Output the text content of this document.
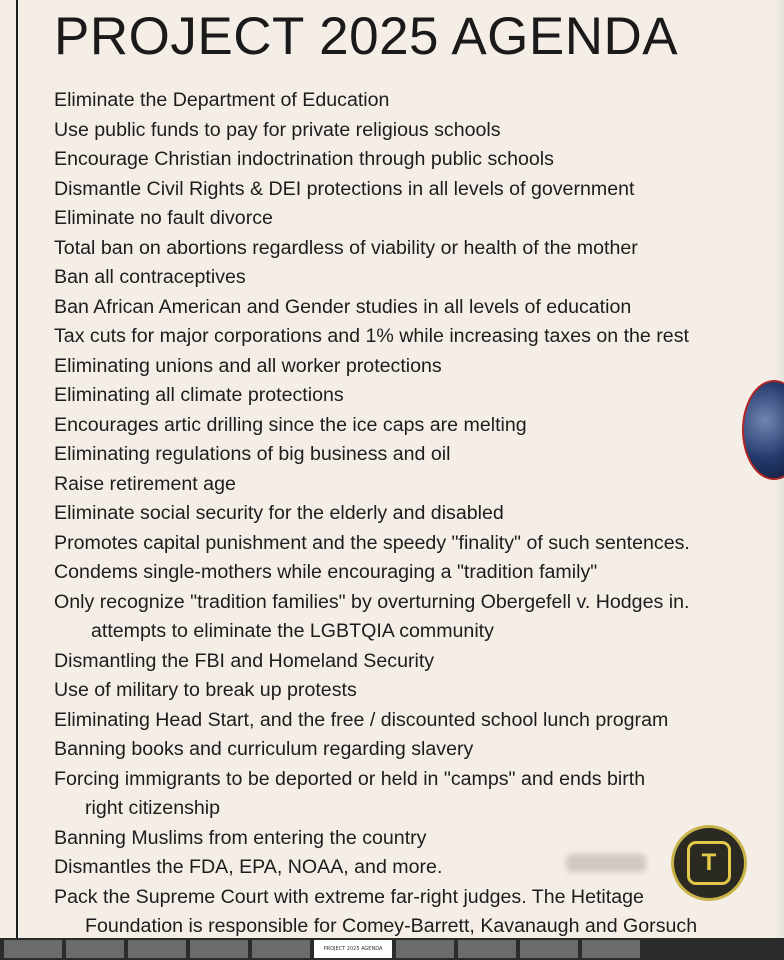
PROJECT 2025 AGENDA
Eliminate the Department of Education
Use public funds to pay for private religious schools
Encourage Christian indoctrination through public schools
Dismantle Civil Rights & DEI protections in all levels of government
Eliminate no fault divorce
Total ban on abortions regardless of viability or health of the mother
Ban all contraceptives
Ban African American and Gender studies in all levels of education
Tax cuts for major corporations and 1% while increasing taxes on the rest
Eliminating unions and all worker protections
Eliminating all climate protections
Encourages artic drilling since the ice caps are melting
Eliminating regulations of big business and oil
Raise retirement age
Eliminate social security for the elderly and disabled
Promotes capital punishment and the speedy "finality" of such sentences.
Condems single-mothers while encouraging a "tradition family"
Only recognize "tradition families" by overturning Obergefell v. Hodges in.
attempts to eliminate the LGBTQIA community
Dismantling the FBI and Homeland Security
Use of military to break up protests
Eliminating Head Start, and the free / discounted school lunch program
Banning books and curriculum regarding slavery
Forcing immigrants to be deported or held in "camps" and ends birth
right citizenship
Banning Muslims from entering the country
Dismantles the FDA, EPA, NOAA, and more.
Pack the Supreme Court with extreme far-right judges. The Hetitage
Foundation is responsible for Comey-Barrett, Kavanaugh and Gorsuch
T
PROJECT 2025 AGENDA
